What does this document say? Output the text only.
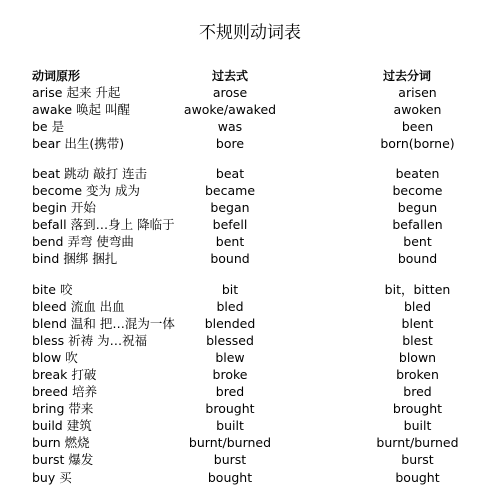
不规则动词表
动词原形	过去式	过去分词
arise 起来 升起	arose	arisen
awake 唤起 叫醒	awoke/awaked	awoken
be 是	was	been
bear 出生(携带)	bore	born(borne)
beat 跳动 敲打 连击	beat	beaten
become 变为 成为	became	become
begin 开始	began	begun
befall 落到…身上 降临于	befell	befallen
bend 弄弯 使弯曲	bent	bent
bind 捆绑 捆扎	bound	bound
bite 咬	bit	bit，bitten
bleed 流血 出血	bled	bled
blend 温和 把…混为一体	blended	blent
bless 祈祷 为…祝福	blessed	blest
blow 吹	blew	blown
break 打破	broke	broken
breed 培养	bred	bred
bring 带来	brought	brought
build 建筑	built	built
burn 燃烧	burnt/burned	burnt/burned
burst 爆发	burst	burst
buy 买	bought	bought
